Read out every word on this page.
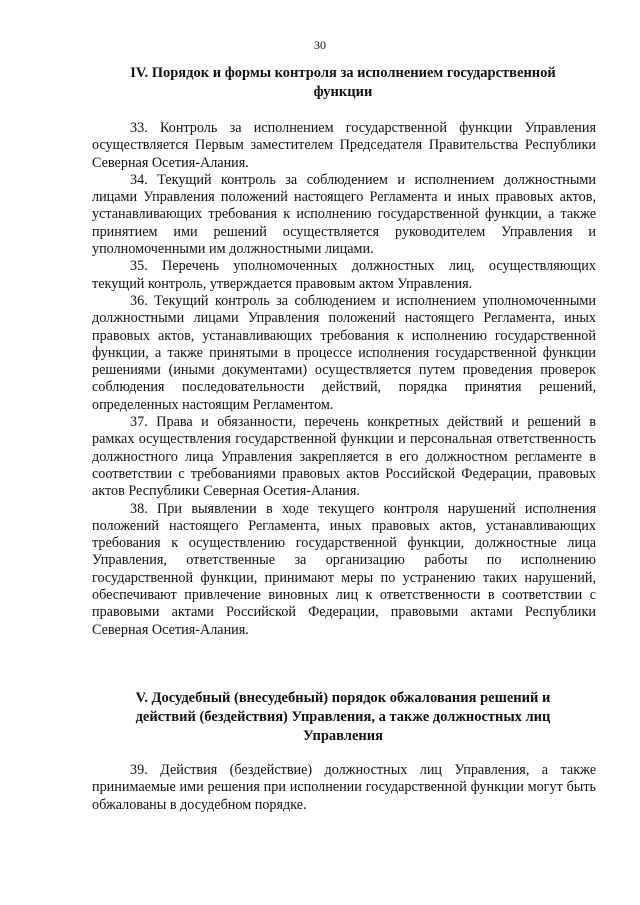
30
IV. Порядок и формы контроля за исполнением государственной
функции

33. Контроль за исполнением государственной функции Управления осуществляется Первым заместителем Председателя Правительства Республики Северная Осетия-Алания.

34. Текущий контроль за соблюдением и исполнением должностными лицами Управления положений настоящего Регламента и иных правовых актов, устанавливающих требования к исполнению государственной функции, а также принятием ими решений осуществляется руководителем Управления и уполномоченными им должностными лицами.

35. Перечень уполномоченных должностных лиц, осуществляющих текущий контроль, утверждается правовым актом Управления.

36. Текущий контроль за соблюдением и исполнением уполномоченными должностными лицами Управления положений настоящего Регламента, иных правовых актов, устанавливающих требования к исполнению государственной функции, а также принятыми в процессе исполнения государственной функции решениями (иными документами) осуществляется путем проведения проверок соблюдения последовательности действий, порядка принятия решений, определенных настоящим Регламентом.

37. Права и обязанности, перечень конкретных действий и решений в рамках осуществления государственной функции и персональная ответственность должностного лица Управления закрепляется в его должностном регламенте в соответствии с требованиями правовых актов Российской Федерации, правовых актов Республики Северная Осетия-Алания.

38. При выявлении в ходе текущего контроля нарушений исполнения положений настоящего Регламента, иных правовых актов, устанавливающих требования к осуществлению государственной функции, должностные лица Управления, ответственные за организацию работы по исполнению государственной функции, принимают меры по устранению таких нарушений, обеспечивают привлечение виновных лиц к ответственности в соответствии с правовыми актами Российской Федерации, правовыми актами Республики Северная Осетия-Алания.

V. Досудебный (внесудебный) порядок обжалования решений и
действий (бездействия) Управления, а также должностных лиц
Управления

39. Действия (бездействие) должностных лиц Управления, а также принимаемые ими решения при исполнении государственной функции могут быть обжалованы в досудебном порядке.
